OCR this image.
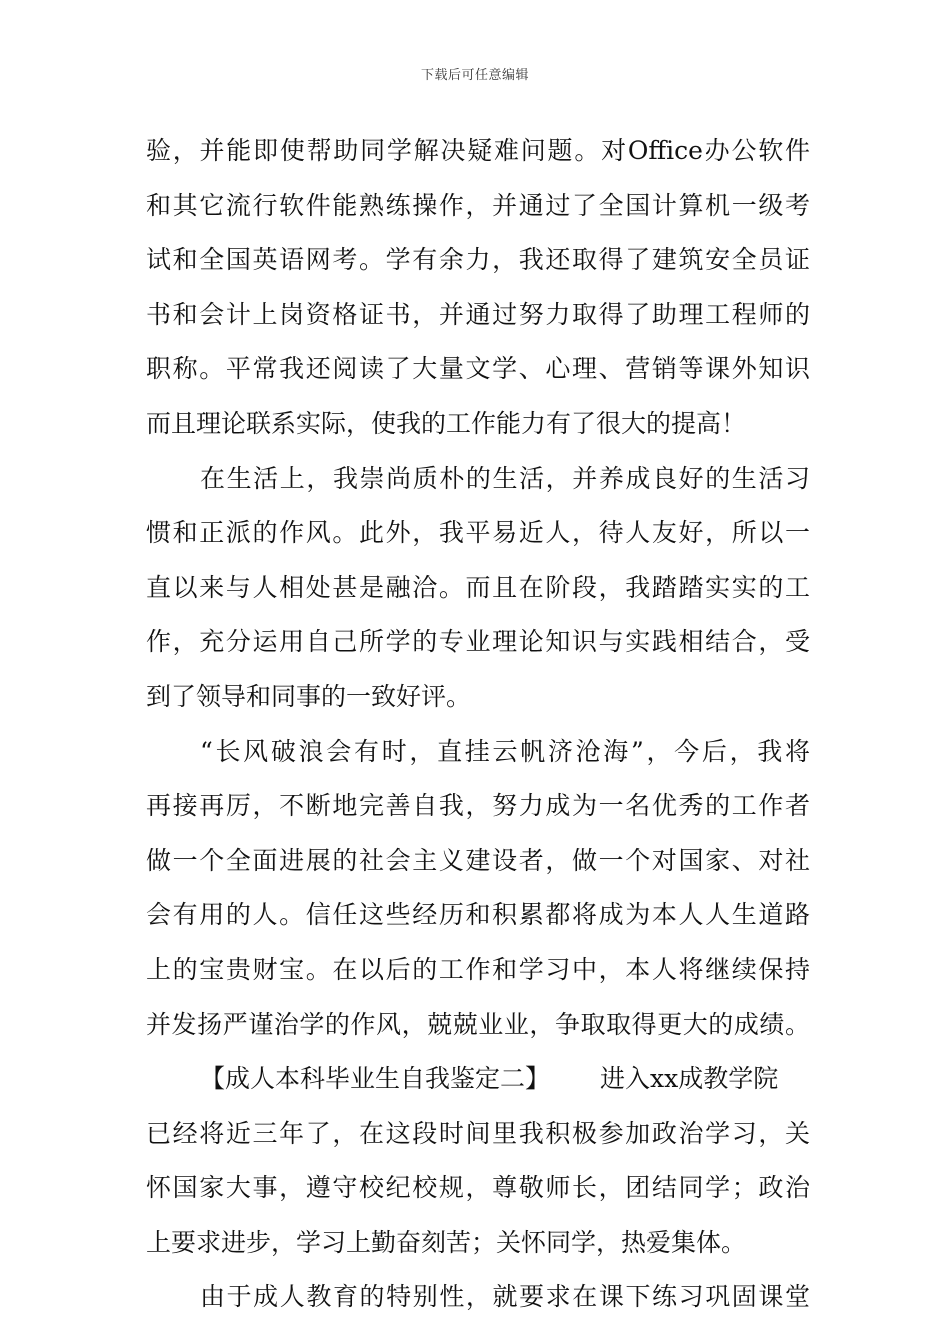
下载后可任意编辑
验，并能即使帮助同学解决疑难问题。对Office办公软件
和其它流行软件能熟练操作，并通过了全国计算机一级考
试和全国英语网考。学有余力，我还取得了建筑安全员证
书和会计上岗资格证书，并通过努力取得了助理工程师的
职称。平常我还阅读了大量文学、心理、营销等课外知识
而且理论联系实际，使我的工作能力有了很大的提高！
在生活上，我崇尚质朴的生活，并养成良好的生活习
惯和正派的作风。此外，我平易近人，待人友好，所以一
直以来与人相处甚是融洽。而且在阶段，我踏踏实实的工
作，充分运用自己所学的专业理论知识与实践相结合，受
到了领导和同事的一致好评。
“长风破浪会有时，直挂云帆济沧海”，今后，我将
再接再厉，不断地完善自我，努力成为一名优秀的工作者
做一个全面进展的社会主义建设者，做一个对国家、对社
会有用的人。信任这些经历和积累都将成为本人人生道路
上的宝贵财宝。在以后的工作和学习中，本人将继续保持
并发扬严谨治学的作风，兢兢业业，争取取得更大的成绩。
【成人本科毕业生自我鉴定二】 进入xx成教学院
已经将近三年了，在这段时间里我积极参加政治学习，关
怀国家大事，遵守校纪校规，尊敬师长，团结同学；政治
上要求进步，学习上勤奋刻苦；关怀同学，热爱集体。
由于成人教育的特别性，就要求在课下练习巩固课堂
